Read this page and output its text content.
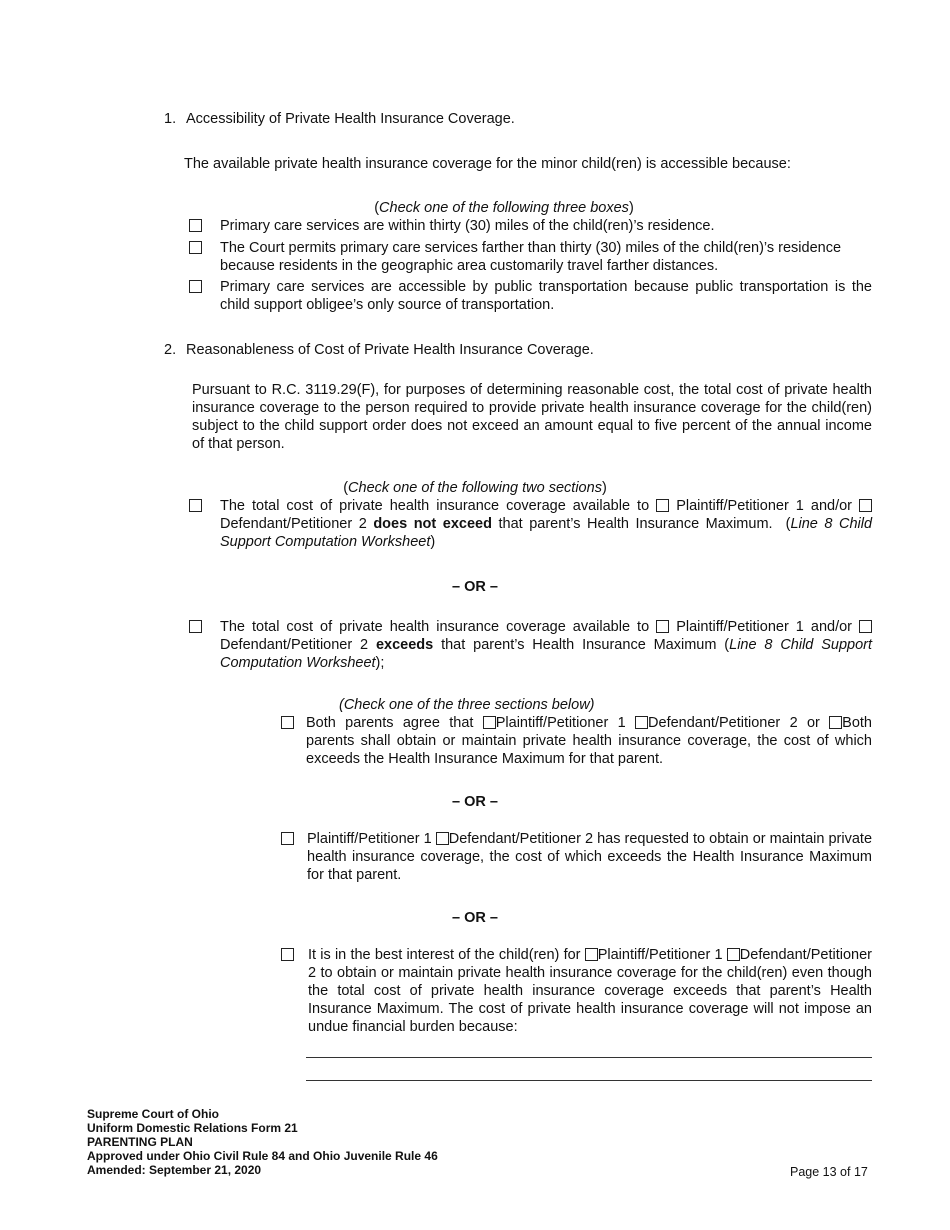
1. Accessibility of Private Health Insurance Coverage.
The available private health insurance coverage for the minor child(ren) is accessible because:
(Check one of the following three boxes)
Primary care services are within thirty (30) miles of the child(ren)’s residence.
The Court permits primary care services farther than thirty (30) miles of the child(ren)’s residence because residents in the geographic area customarily travel farther distances.
Primary care services are accessible by public transportation because public transportation is the child support obligee’s only source of transportation.
2. Reasonableness of Cost of Private Health Insurance Coverage.
Pursuant to R.C. 3119.29(F), for purposes of determining reasonable cost, the total cost of private health insurance coverage to the person required to provide private health insurance coverage for the child(ren) subject to the child support order does not exceed an amount equal to five percent of the annual income of that person.
(Check one of the following two sections)
The total cost of private health insurance coverage available to Plaintiff/Petitioner 1 and/or  Defendant/Petitioner 2 does not exceed that parent’s Health Insurance Maximum.  (Line 8 Child Support Computation Worksheet)
– OR –
The total cost of private health insurance coverage available to Plaintiff/Petitioner 1 and/or  Defendant/Petitioner 2 exceeds that parent’s Health Insurance Maximum (Line 8 Child Support Computation Worksheet);
(Check one of the three sections below)
Both parents agree that Plaintiff/Petitioner 1 Defendant/Petitioner 2 or Both parents shall obtain or maintain private health insurance coverage, the cost of which exceeds the Health Insurance Maximum for that parent.
– OR –
Plaintiff/Petitioner 1 Defendant/Petitioner 2 has requested to obtain or maintain private health insurance coverage, the cost of which exceeds the Health Insurance Maximum for that parent.
– OR –
It is in the best interest of the child(ren) for Plaintiff/Petitioner 1 Defendant/Petitioner 2 to obtain or maintain private health insurance coverage for the child(ren) even though the total cost of private health insurance coverage exceeds that parent’s Health Insurance Maximum. The cost of private health insurance coverage will not impose an undue financial burden because:
Supreme Court of Ohio
Uniform Domestic Relations Form 21
PARENTING PLAN
Approved under Ohio Civil Rule 84 and Ohio Juvenile Rule 46
Amended: September 21, 2020	Page 13 of 17
